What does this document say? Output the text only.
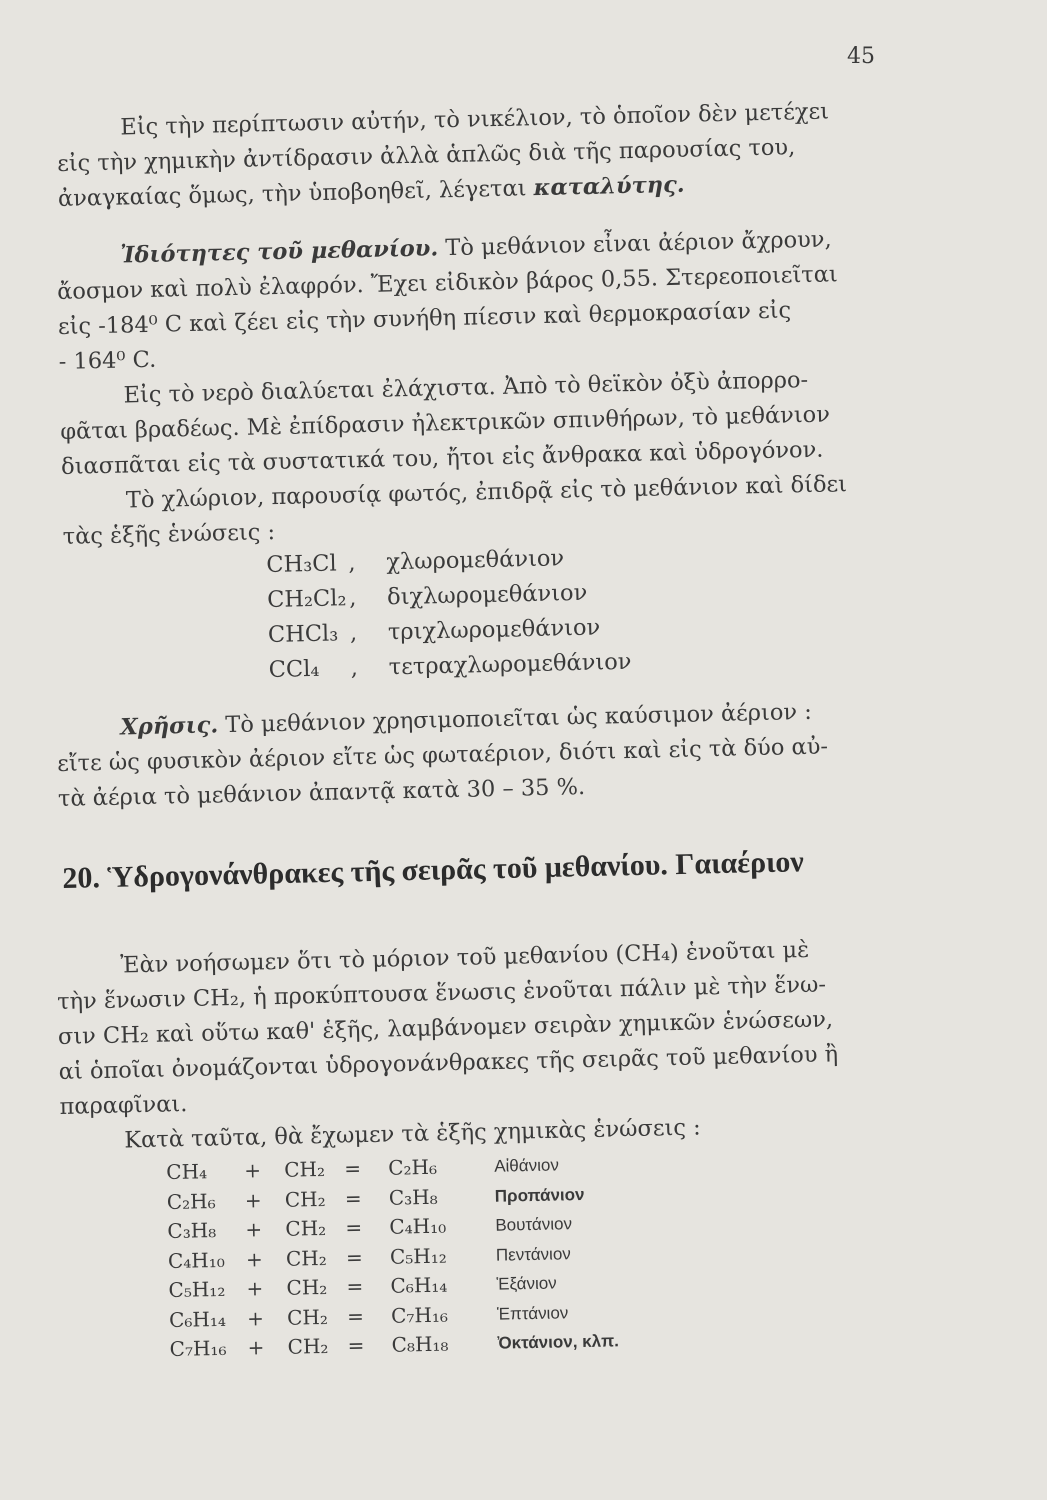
45
Εἰς τὴν περίπτωσιν αὐτήν, τὸ νικέλιον, τὸ ὁποῖον δὲν μετέχει
εἰς τὴν χημικὴν ἀντίδρασιν ἀλλὰ ἁπλῶς διὰ τῆς παρουσίας του,
ἀναγκαίας ὅμως, τὴν ὑποβοηθεῖ, λέγεται καταλύτης.
Ἰδιότητες τοῦ μεθανίου. Τὸ μεθάνιον εἶναι ἀέριον ἄχρουν,
ἄοσμον καὶ πολὺ ἐλαφρόν. Ἔχει εἰδικὸν βάρος 0,55. Στερεοποιεῖται
εἰς -184⁰ C καὶ ζέει εἰς τὴν συνήθη πίεσιν καὶ θερμοκρασίαν εἰς
- 164⁰ C.
Εἰς τὸ νερὸ διαλύεται ἐλάχιστα. Ἀπὸ τὸ θεϊκὸν ὀξὺ ἀπορρο-
φᾶται βραδέως. Μὲ ἐπίδρασιν ἠλεκτρικῶν σπινθήρων, τὸ μεθάνιον
διασπᾶται εἰς τὰ συστατικά του, ἤτοι εἰς ἄνθρακα καὶ ὑδρογόνον.
Τὸ χλώριον, παρουσίᾳ φωτός, ἐπιδρᾷ εἰς τὸ μεθάνιον καὶ δίδει
τὰς ἑξῆς ἑνώσεις :
CH₃Cl ,	χλωρομεθάνιον
CH₂Cl₂ ,	διχλωρομεθάνιον
CHCl₃ ,	τριχλωρομεθάνιον
CCl₄	,	τετραχλωρομεθάνιον
Χρῆσις. Τὸ μεθάνιον χρησιμοποιεῖται ὡς καύσιμον ἀέριον :
εἴτε ὡς φυσικὸν ἀέριον εἴτε ὡς φωταέριον, διότι καὶ εἰς τὰ δύο αὐ-
τὰ ἀέρια τὸ μεθάνιον ἀπαντᾷ κατὰ 30 – 35 %.
20. Ὑδρογονάνθρακες τῆς σειρᾶς τοῦ μεθανίου. Γαιαέριον
Ἐὰν νοήσωμεν ὅτι τὸ μόριον τοῦ μεθανίου (CH₄) ἑνοῦται μὲ
τὴν ἕνωσιν CH₂, ἡ προκύπτουσα ἕνωσις ἑνοῦται πάλιν μὲ τὴν ἕνω-
σιν CH₂ καὶ οὕτω καθ' ἑξῆς, λαμβάνομεν σειρὰν χημικῶν ἑνώσεων,
αἱ ὁποῖαι ὀνομάζονται ὑδρογονάνθρακες τῆς σειρᾶς τοῦ μεθανίου ἢ
παραφῖναι.
Κατὰ ταῦτα, θὰ ἔχωμεν τὰ ἑξῆς χημικὰς ἑνώσεις :
CH₄	+	CH₂ =	C₂H₆	Αἰθάνιον
C₂H₆	+	CH₂ =	C₃H₈	Προπάνιον
C₃H₈	+	CH₂ =	C₄H₁₀	Βουτάνιον
C₄H₁₀	+	CH₂ =	C₅H₁₂	Πεντάνιον
C₅H₁₂	+	CH₂ =	C₆H₁₄	Ἑξάνιον
C₆H₁₄	+	CH₂ =	C₇H₁₆	Ἑπτάνιον
C₇H₁₆	+	CH₂ =	C₈H₁₈	Ὀκτάνιον, κλπ.
